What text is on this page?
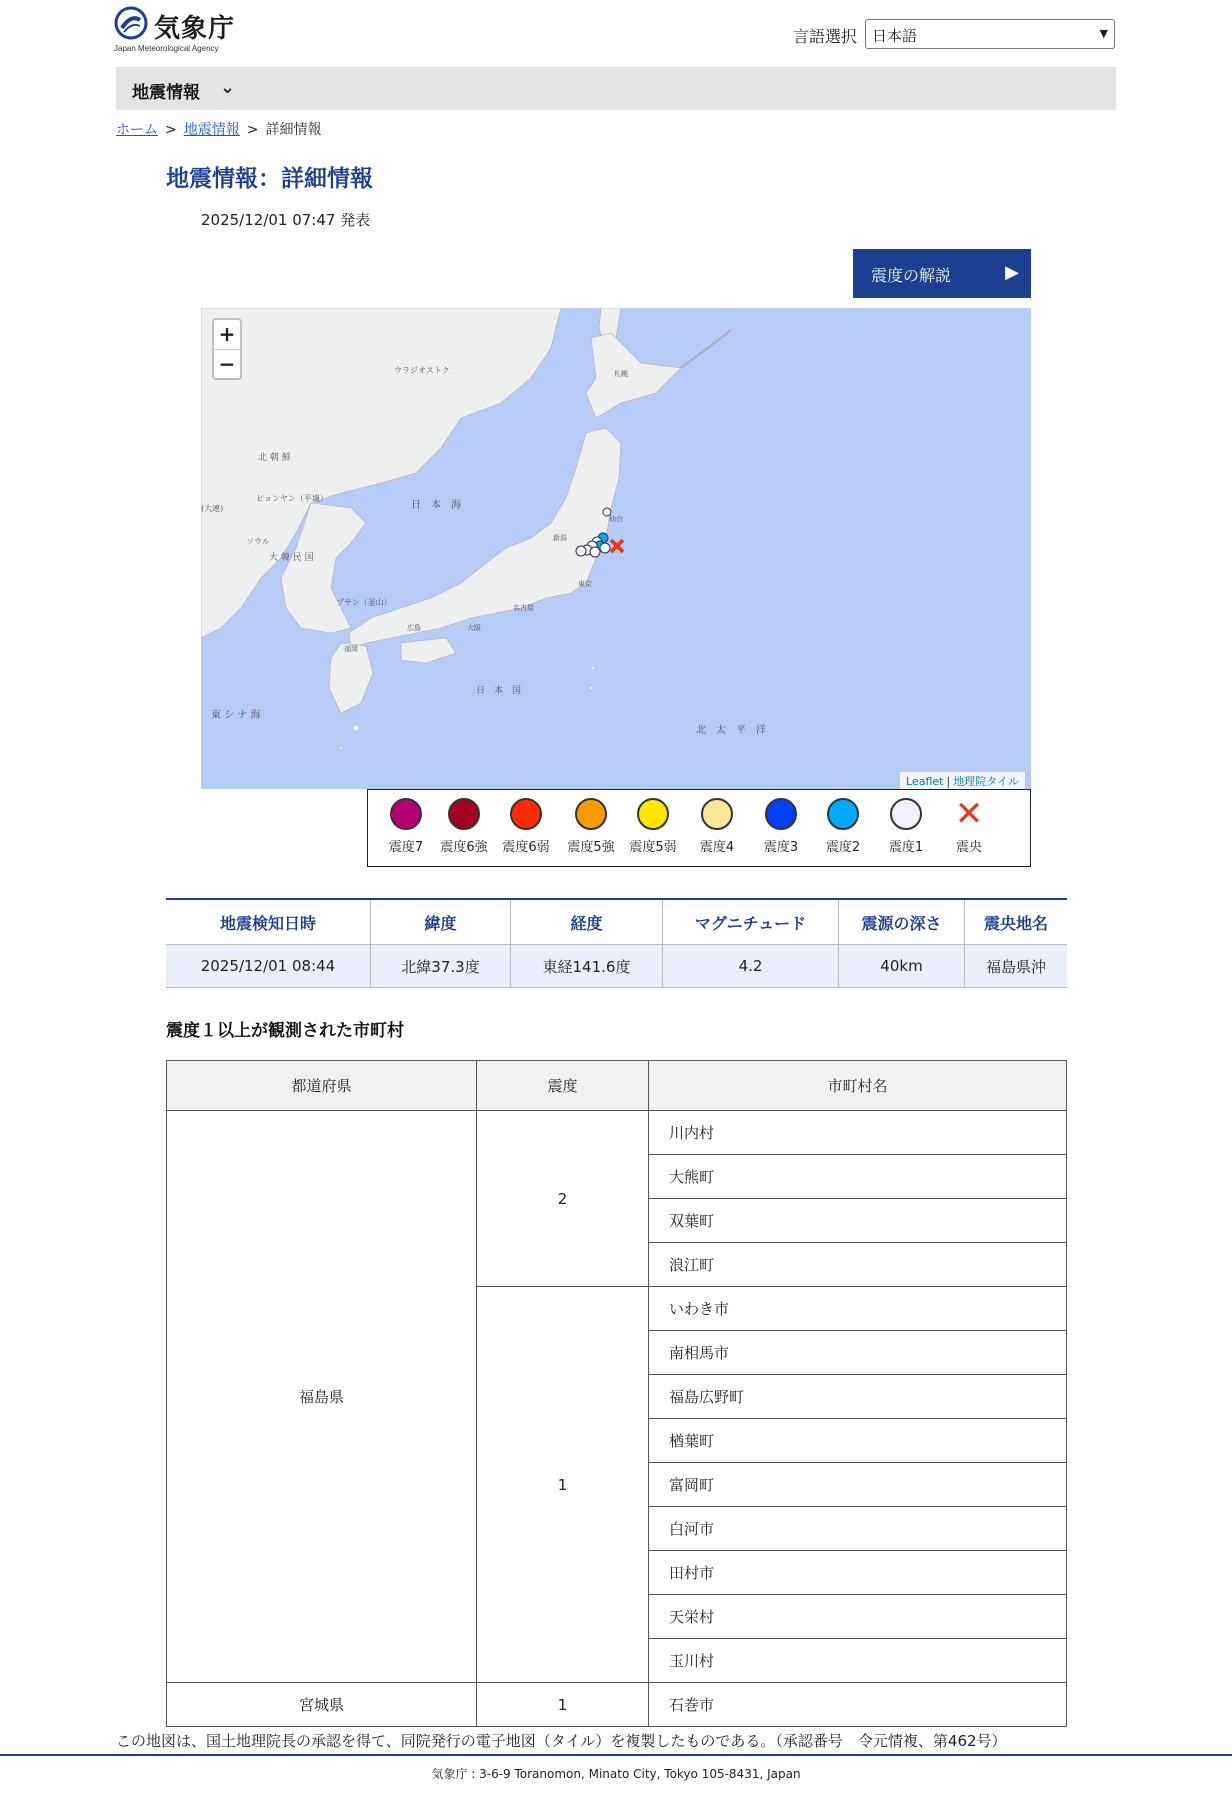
気象庁
Japan Meteorological Agency
言語選択 日本語	▼
地震情報 ⌄
ホーム > 地震情報 > 詳細情報
地震情報：詳細情報
2025/12/01 07:47 発表
震度の解説	▶
ウラジオストク
北 朝 鮮
ピョンヤン（平壌）
(大連)
ソウル
大 韓 民 国
プサン（釜山）
日　本　海
東 シ ナ 海
日　本　国
北　太　平　洋
札幌
仙台
新潟
東京
名古屋
大阪
広島
福岡
+
−
Leaflet | 地理院タイル
震度7	震度6強	震度6弱	震度5強	震度5弱	震度4	震度3	震度2	震度1
✕
震央
地震検知日時	緯度	経度	マグニチュード	震源の深さ	震央地名
2025/12/01 08:44	北緯37.3度	東経141.6度	4.2	40km	福島県沖
震度１以上が観測された市町村
都道府県	震度	市町村名
福島県	2	川内村
		大熊町
		双葉町
		浪江町
	1	いわき市
		南相馬市
		福島広野町
		楢葉町
		富岡町
		白河市
		田村市
		天栄村
		玉川村
宮城県	1	石巻市
この地図は、国土地理院長の承認を得て、同院発行の電子地図（タイル）を複製したものである。（承認番号　令元情複、第462号）
気象庁 : 3-6-9 Toranomon, Minato City, Tokyo 105-8431, Japan
